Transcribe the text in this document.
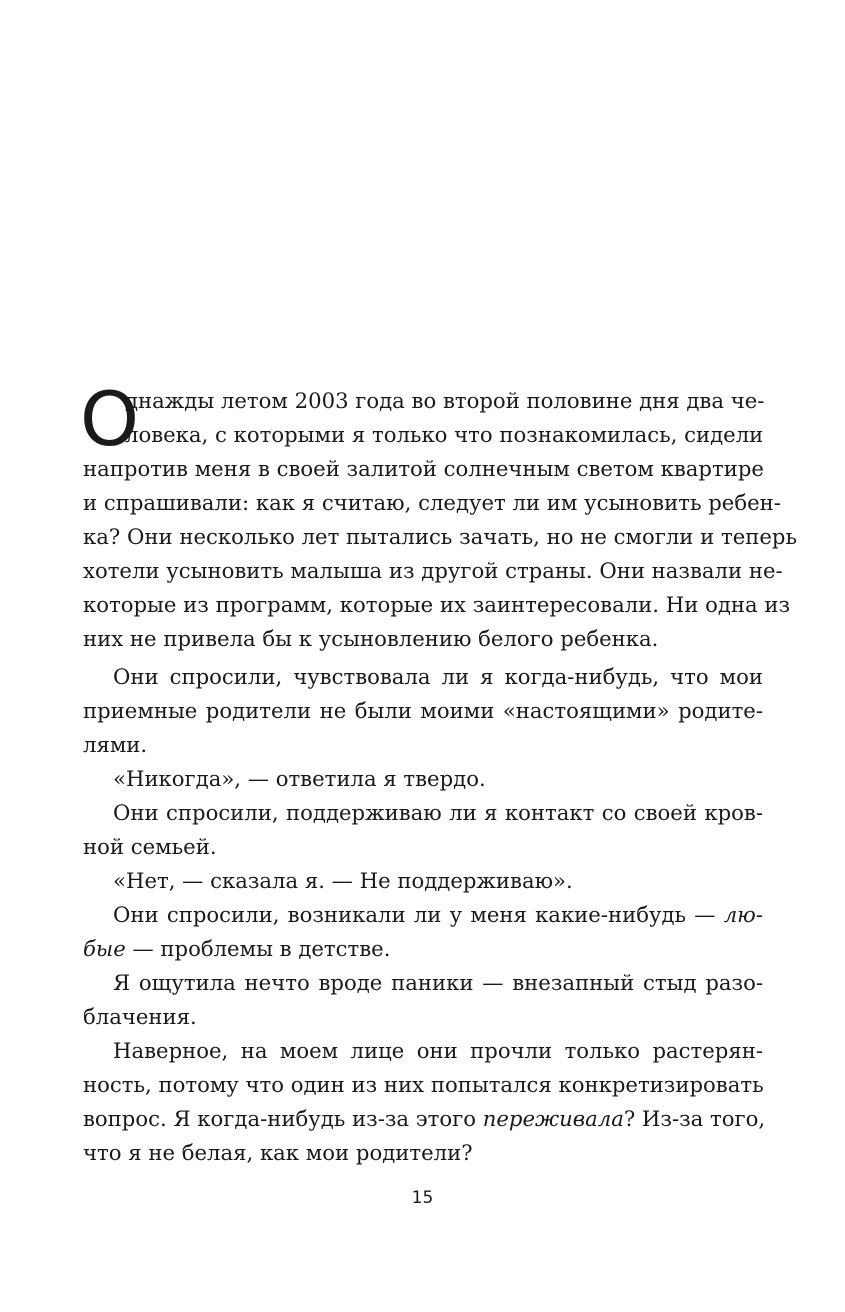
О
днажды летом 2003 года во второй половине дня два че-
ловека, с которыми я только что познакомилась, сидели
напротив меня в своей залитой солнечным светом квартире
и спрашивали: как я считаю, следует ли им усыновить ребен-
ка? Они несколько лет пытались зачать, но не смогли и теперь
хотели усыновить малыша из другой страны. Они назвали не-
которые из программ, которые их заинтересовали. Ни одна из
них не привела бы к усыновлению белого ребенка.
Они спросили, чувствовала ли я когда-нибудь, что мои
приемные родители не были моими «настоящими» родите-
лями.
«Никогда», — ответила я твердо.
Они спросили, поддерживаю ли я контакт со своей кров-
ной семьей.
«Нет, — сказала я. — Не поддерживаю».
Они спросили, возникали ли у меня какие-нибудь — лю-
бые — проблемы в детстве.
Я ощутила нечто вроде паники — внезапный стыд разо-
блачения.
Наверное, на моем лице они прочли только растерян-
ность, потому что один из них попытался конкретизировать
вопрос. Я когда-нибудь из-за этого переживала? Из-за того,
что я не белая, как мои родители?
15
